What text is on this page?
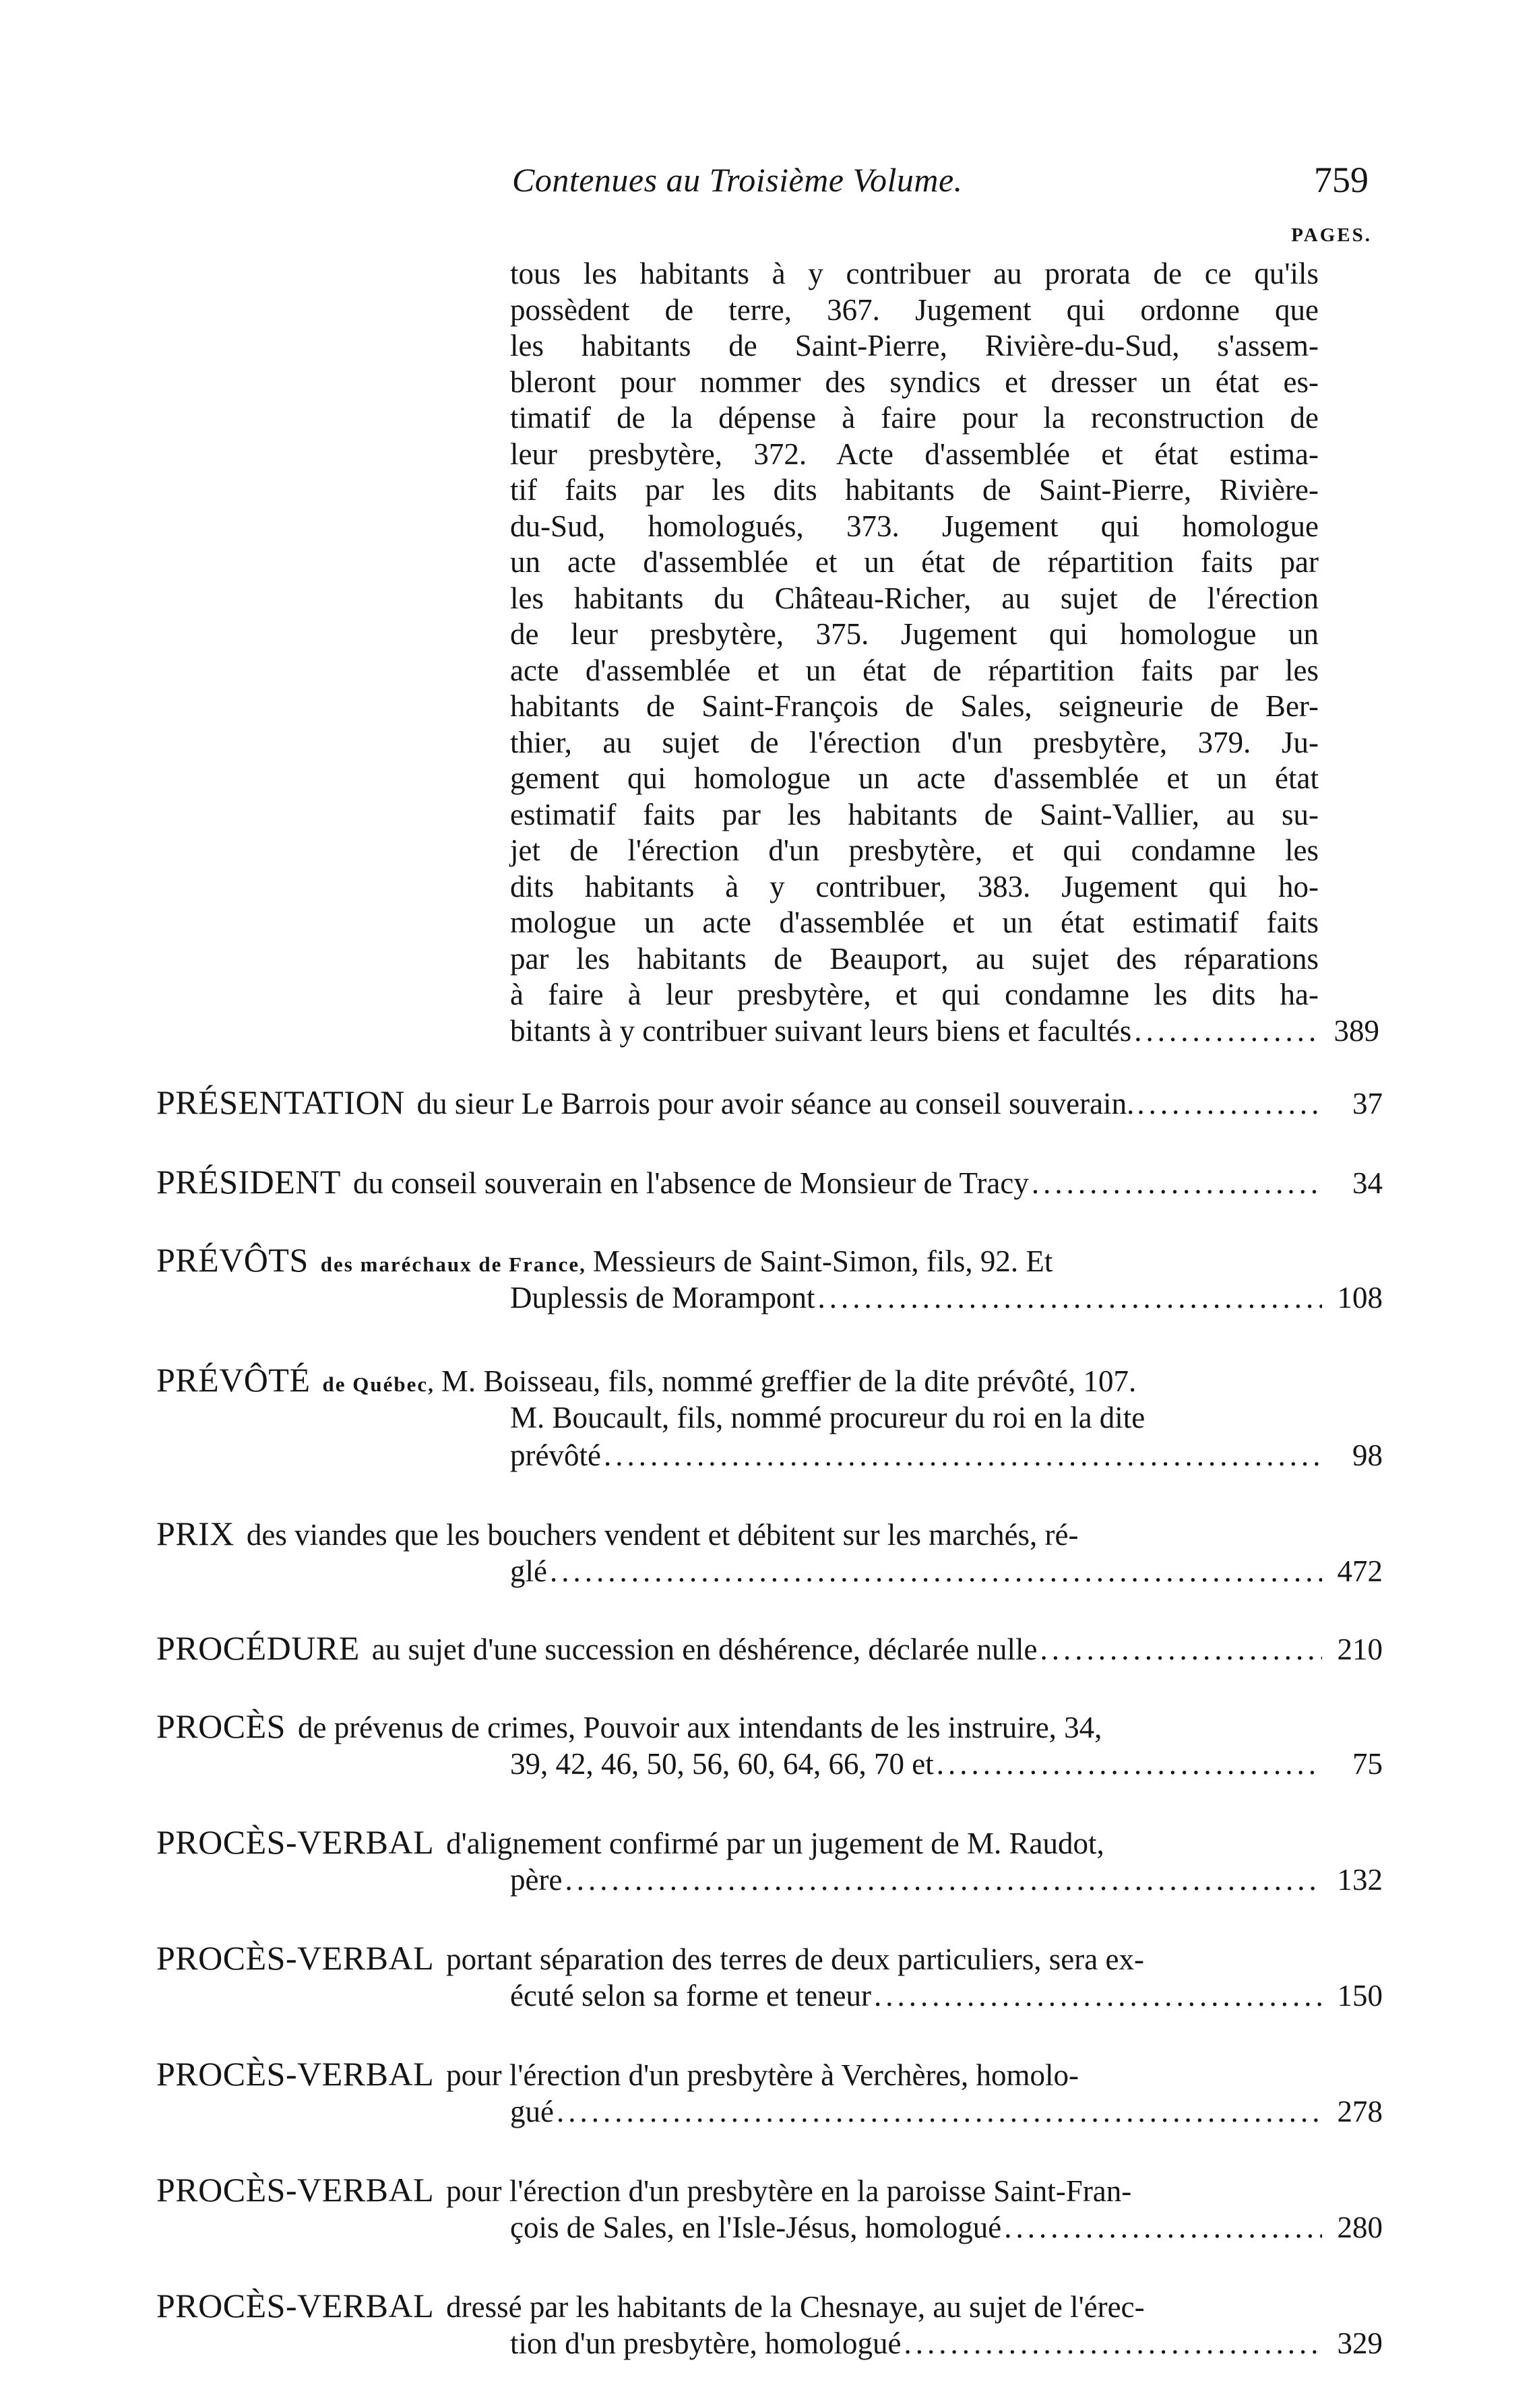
Contenues au Troisième Volume.	759
PAGES.
tous les habitants à y contribuer au prorata de ce qu'ils
possèdent de terre, 367. Jugement qui ordonne que
les habitants de Saint-Pierre, Rivière-du-Sud, s'assem-
bleront pour nommer des syndics et dresser un état es-
timatif de la dépense à faire pour la reconstruction de
leur presbytère, 372. Acte d'assemblée et état estima-
tif faits par les dits habitants de Saint-Pierre, Rivière-
du-Sud, homologués, 373. Jugement qui homologue
un acte d'assemblée et un état de répartition faits par
les habitants du Château-Richer, au sujet de l'érection
de leur presbytère, 375. Jugement qui homologue un
acte d'assemblée et un état de répartition faits par les
habitants de Saint-François de Sales, seigneurie de Ber-
thier, au sujet de l'érection d'un presbytère, 379. Ju-
gement qui homologue un acte d'assemblée et un état
estimatif faits par les habitants de Saint-Vallier, au su-
jet de l'érection d'un presbytère, et qui condamne les
dits habitants à y contribuer, 383. Jugement qui ho-
mologue un acte d'assemblée et un état estimatif faits
par les habitants de Beauport, au sujet des réparations
à faire à leur presbytère, et qui condamne les dits ha-
bitants à y contribuer suivant leurs biens et facultés .....	389
PRÉSENTATION du sieur Le Barrois pour avoir séance au conseil souverain. .....	37
PRÉSIDENT du conseil souverain en l'absence de Monsieur de Tracy .....	34
PRÉVÔTS des maréchaux de France, Messieurs de Saint-Simon, fils, 92. Et
Duplessis de Morampont .....	108
PRÉVÔTÉ de Québec, M. Boisseau, fils, nommé greffier de la dite prévôté, 107.
M. Boucault, fils, nommé procureur du roi en la dite
prévôté .....	98
PRIX des viandes que les bouchers vendent et débitent sur les marchés, ré-
glé .....	472
PROCÉDURE au sujet d'une succession en déshérence, déclarée nulle .....	210
PROCÈS de prévenus de crimes, Pouvoir aux intendants de les instruire, 34,
39, 42, 46, 50, 56, 60, 64, 66, 70 et .....	75
PROCÈS-VERBAL d'alignement confirmé par un jugement de M. Raudot,
père .....	132
PROCÈS-VERBAL portant séparation des terres de deux particuliers, sera ex-
écuté selon sa forme et teneur .....	150
PROCÈS-VERBAL pour l'érection d'un presbytère à Verchères, homolo-
gué .....	278
PROCÈS-VERBAL pour l'érection d'un presbytère en la paroisse Saint-Fran-
çois de Sales, en l'Isle-Jésus, homologué .....	280
PROCÈS-VERBAL dressé par les habitants de la Chesnaye, au sujet de l'érec-
tion d'un presbytère, homologué .....	329
